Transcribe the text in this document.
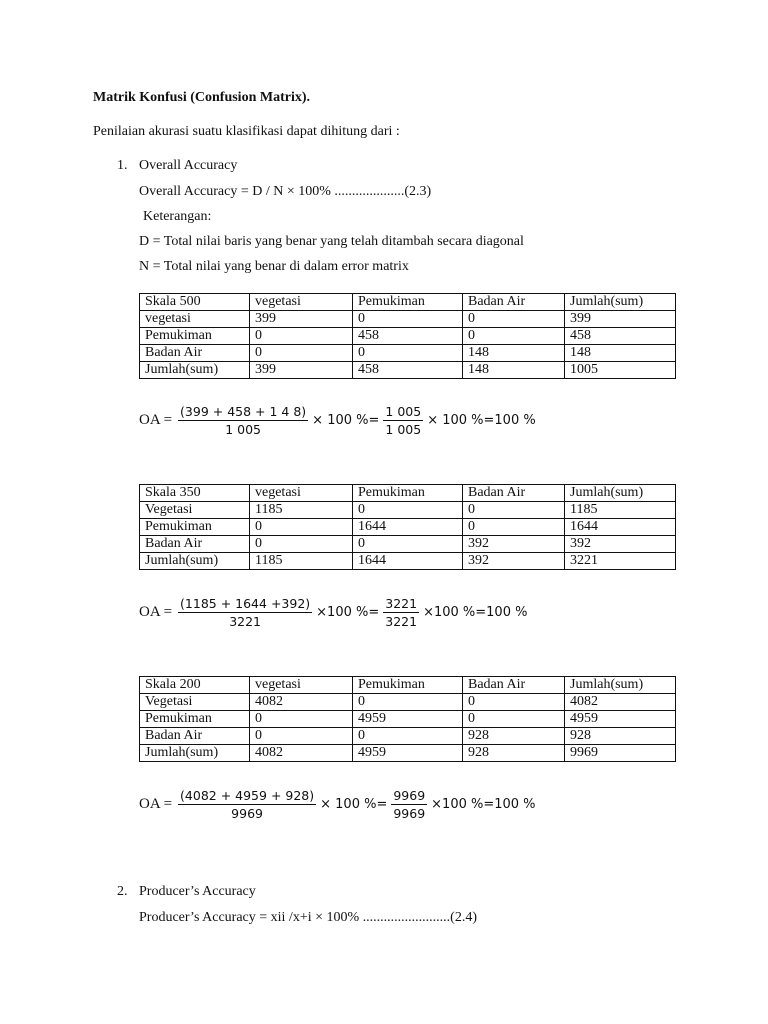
Matrik Konfusi (Confusion Matrix).
Penilaian akurasi suatu klasifikasi dapat dihitung dari :
1. Overall Accuracy
Overall Accuracy = D / N × 100% ....................(2.3)
Keterangan:
D = Total nilai baris yang benar yang telah ditambah secara diagonal
N = Total nilai yang benar di dalam error matrix
Skala 500	vegetasi	Pemukiman	Badan Air	Jumlah(sum)
vegetasi	399	0	0	399
Pemukiman	0	458	0	458
Badan Air	0	0	148	148
Jumlah(sum)	399	458	148	1005
OA = $\frac{(399 + 458 + 1 4 8)}{1 005} \times 100$ %= $\frac{1 005}{1 005} \times 100$ %=100 %
Skala 350	vegetasi	Pemukiman	Badan Air	Jumlah(sum)
Vegetasi	1185	0	0	1185
Pemukiman	0	1644	0	1644
Badan Air	0	0	392	392
Jumlah(sum)	1185	1644	392	3221
OA = $\frac{(1185 + 1644 +392)}{3221} \times 100$ %= $\frac{3221}{3221} \times 100$ %=100 %
Skala 200	vegetasi	Pemukiman	Badan Air	Jumlah(sum)
Vegetasi	4082	0	0	4082
Pemukiman	0	4959	0	4959
Badan Air	0	0	928	928
Jumlah(sum)	4082	4959	928	9969
OA = $\frac{(4082 + 4959 + 928)}{9969} \times 100$ %= $\frac{9969}{9969} \times 100$ %=100 %
2. Producer’s Accuracy
Producer’s Accuracy = xii /x+i × 100% .........................(2.4)
